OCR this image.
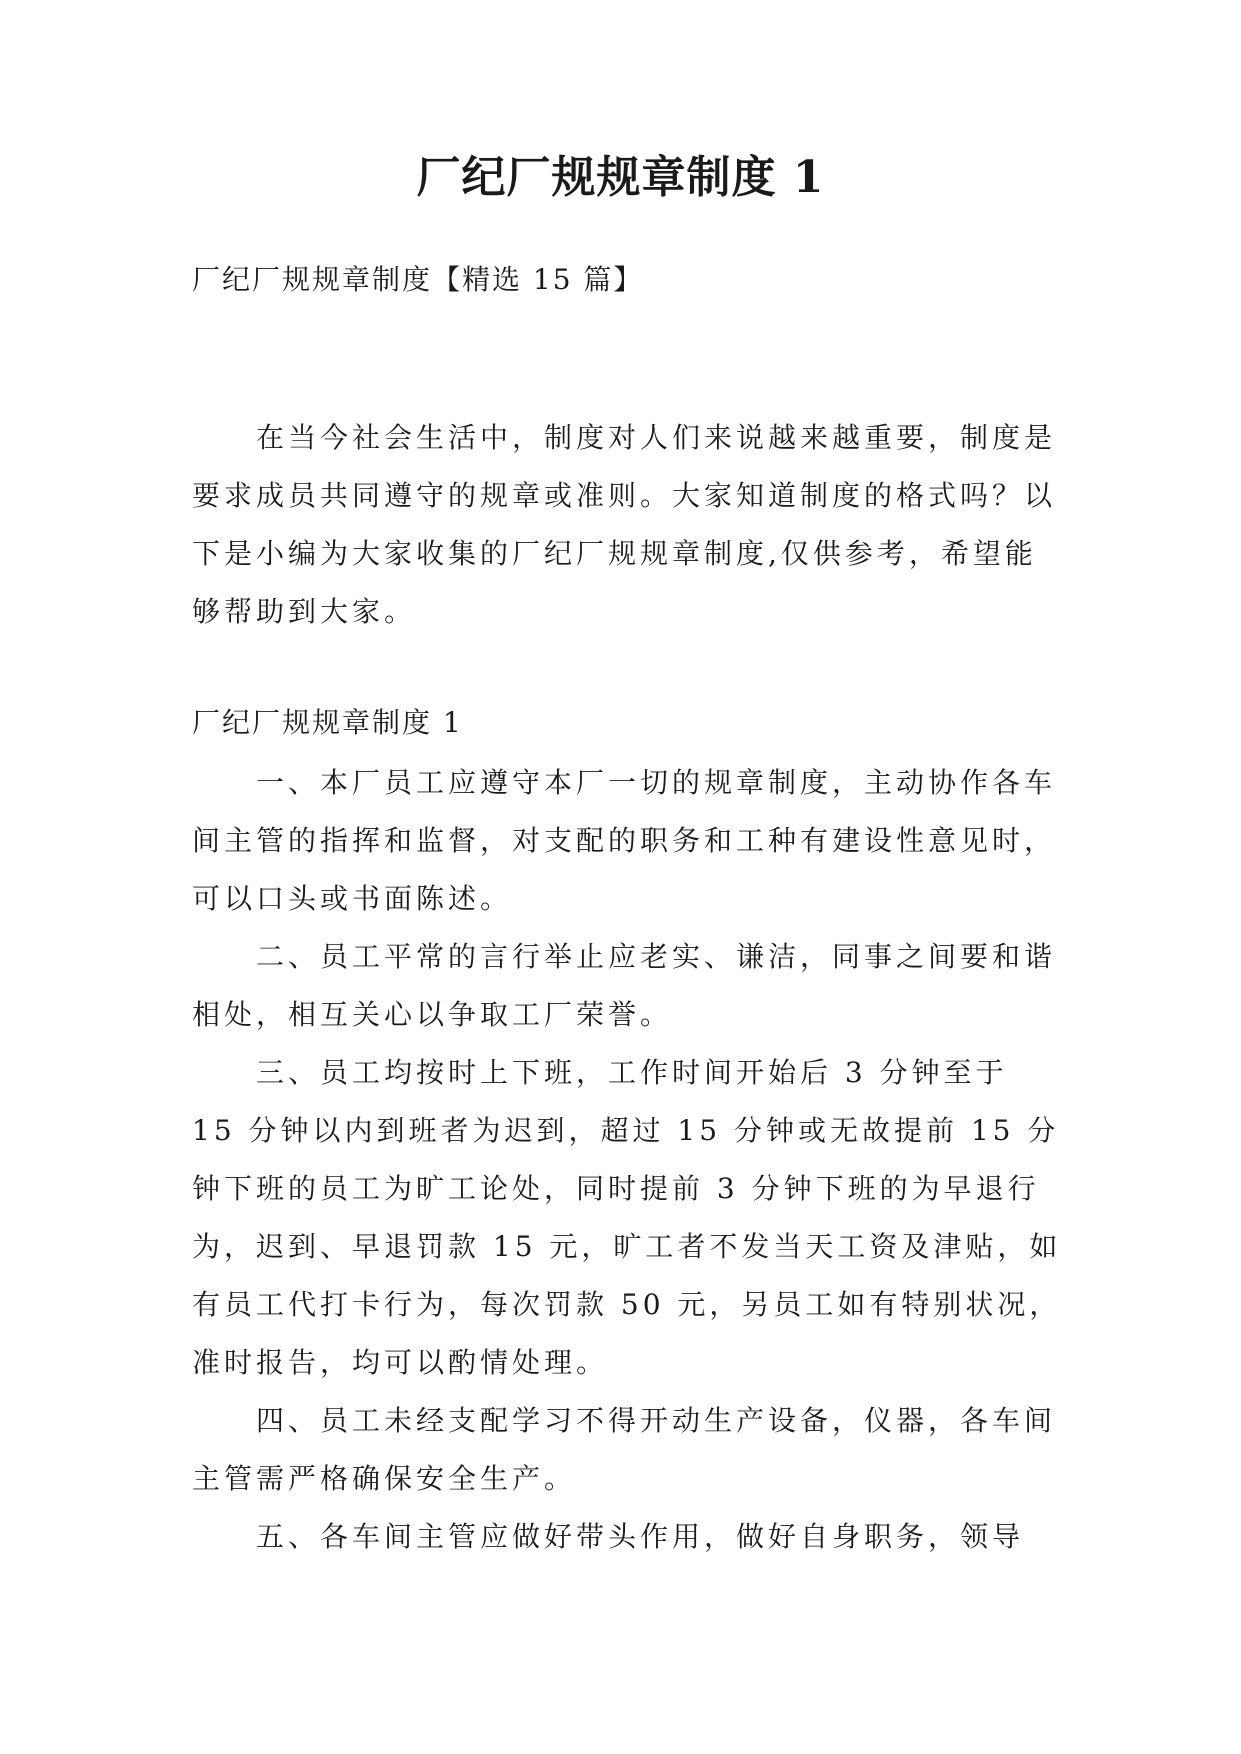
厂纪厂规规章制度 1

厂纪厂规规章制度【精选 15 篇】

在当今社会生活中，制度对人们来说越来越重要，制度是要求成员共同遵守的规章或准则。大家知道制度的格式吗？以下是小编为大家收集的厂纪厂规规章制度,仅供参考，希望能够帮助到大家。

厂纪厂规规章制度 1

一、本厂员工应遵守本厂一切的规章制度，主动协作各车间主管的指挥和监督，对支配的职务和工种有建设性意见时，可以口头或书面陈述。

二、员工平常的言行举止应老实、谦洁，同事之间要和谐相处，相互关心以争取工厂荣誉。

三、员工均按时上下班，工作时间开始后 3 分钟至于 15 分钟以内到班者为迟到，超过 15 分钟或无故提前 15 分钟下班的员工为旷工论处，同时提前 3 分钟下班的为早退行为，迟到、早退罚款 15 元，旷工者不发当天工资及津贴，如有员工代打卡行为，每次罚款 50 元，另员工如有特别状况，准时报告，均可以酌情处理。

四、员工未经支配学习不得开动生产设备，仪器，各车间主管需严格确保安全生产。

五、各车间主管应做好带头作用，做好自身职务，领导
